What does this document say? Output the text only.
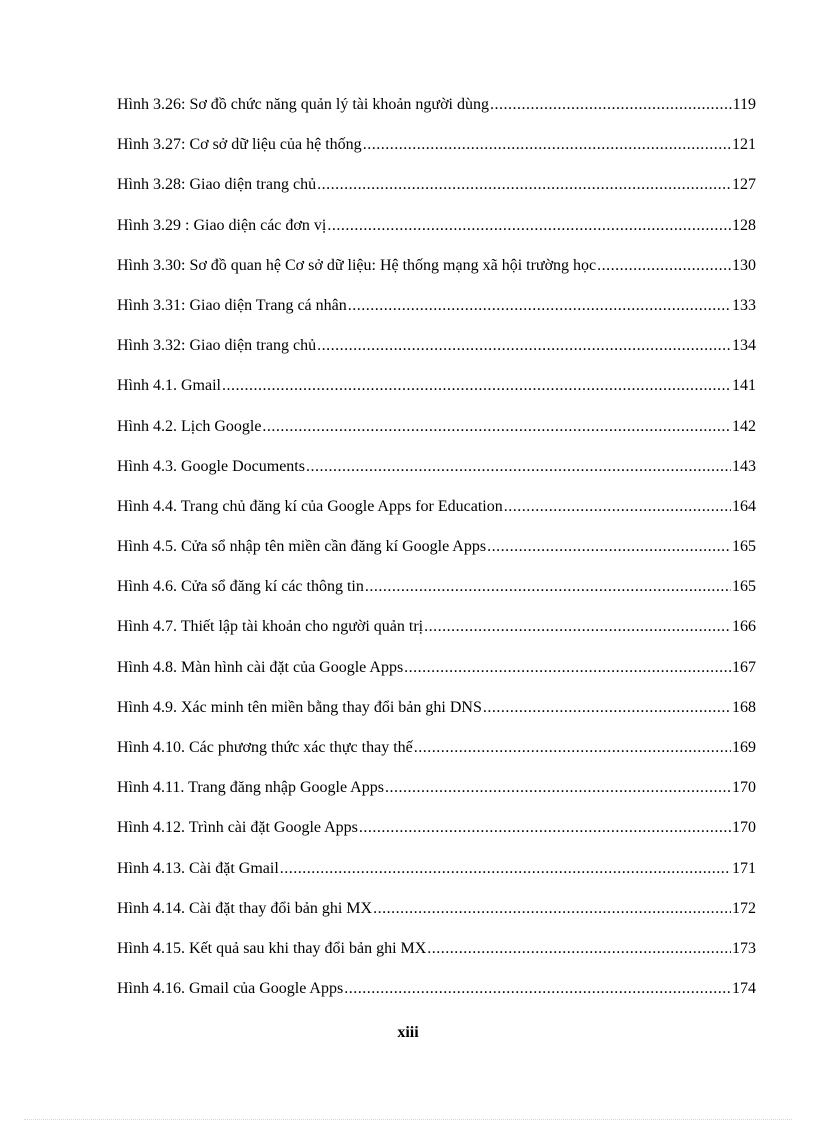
Hình 3.26: Sơ đồ chức năng quản lý tài khoản người dùng .....	119
Hình 3.27: Cơ sở dữ liệu của hệ thống .....	121
Hình 3.28: Giao diện trang chủ .....	127
Hình 3.29 : Giao diện các đơn vị .....	128
Hình 3.30: Sơ đồ quan hệ Cơ sở dữ liệu: Hệ thống mạng xã hội trường học .....	130
Hình 3.31: Giao diện Trang cá nhân .....	133
Hình 3.32: Giao diện trang chủ .....	134
Hình 4.1. Gmail .....	141
Hình 4.2. Lịch Google .....	142
Hình 4.3. Google Documents .....	143
Hình 4.4. Trang chủ đăng kí của Google Apps for Education .....	164
Hình 4.5. Cửa sổ nhập tên miền cần đăng kí Google Apps .....	165
Hình 4.6. Cửa sổ đăng kí các thông tin .....	165
Hình 4.7. Thiết lập tài khoản cho người quản trị .....	166
Hình 4.8. Màn hình cài đặt của Google Apps .....	167
Hình 4.9. Xác minh tên miền bằng thay đổi bản ghi DNS .....	168
Hình 4.10. Các phương thức xác thực thay thế .....	169
Hình 4.11. Trang đăng nhập Google Apps .....	170
Hình 4.12. Trình cài đặt Google Apps .....	170
Hình 4.13. Cài đặt Gmail .....	171
Hình 4.14. Cài đặt thay đổi bản ghi MX .....	172
Hình 4.15. Kết quả sau khi thay đổi bản ghi MX .....	173
Hình 4.16. Gmail của Google Apps .....	174
xiii
